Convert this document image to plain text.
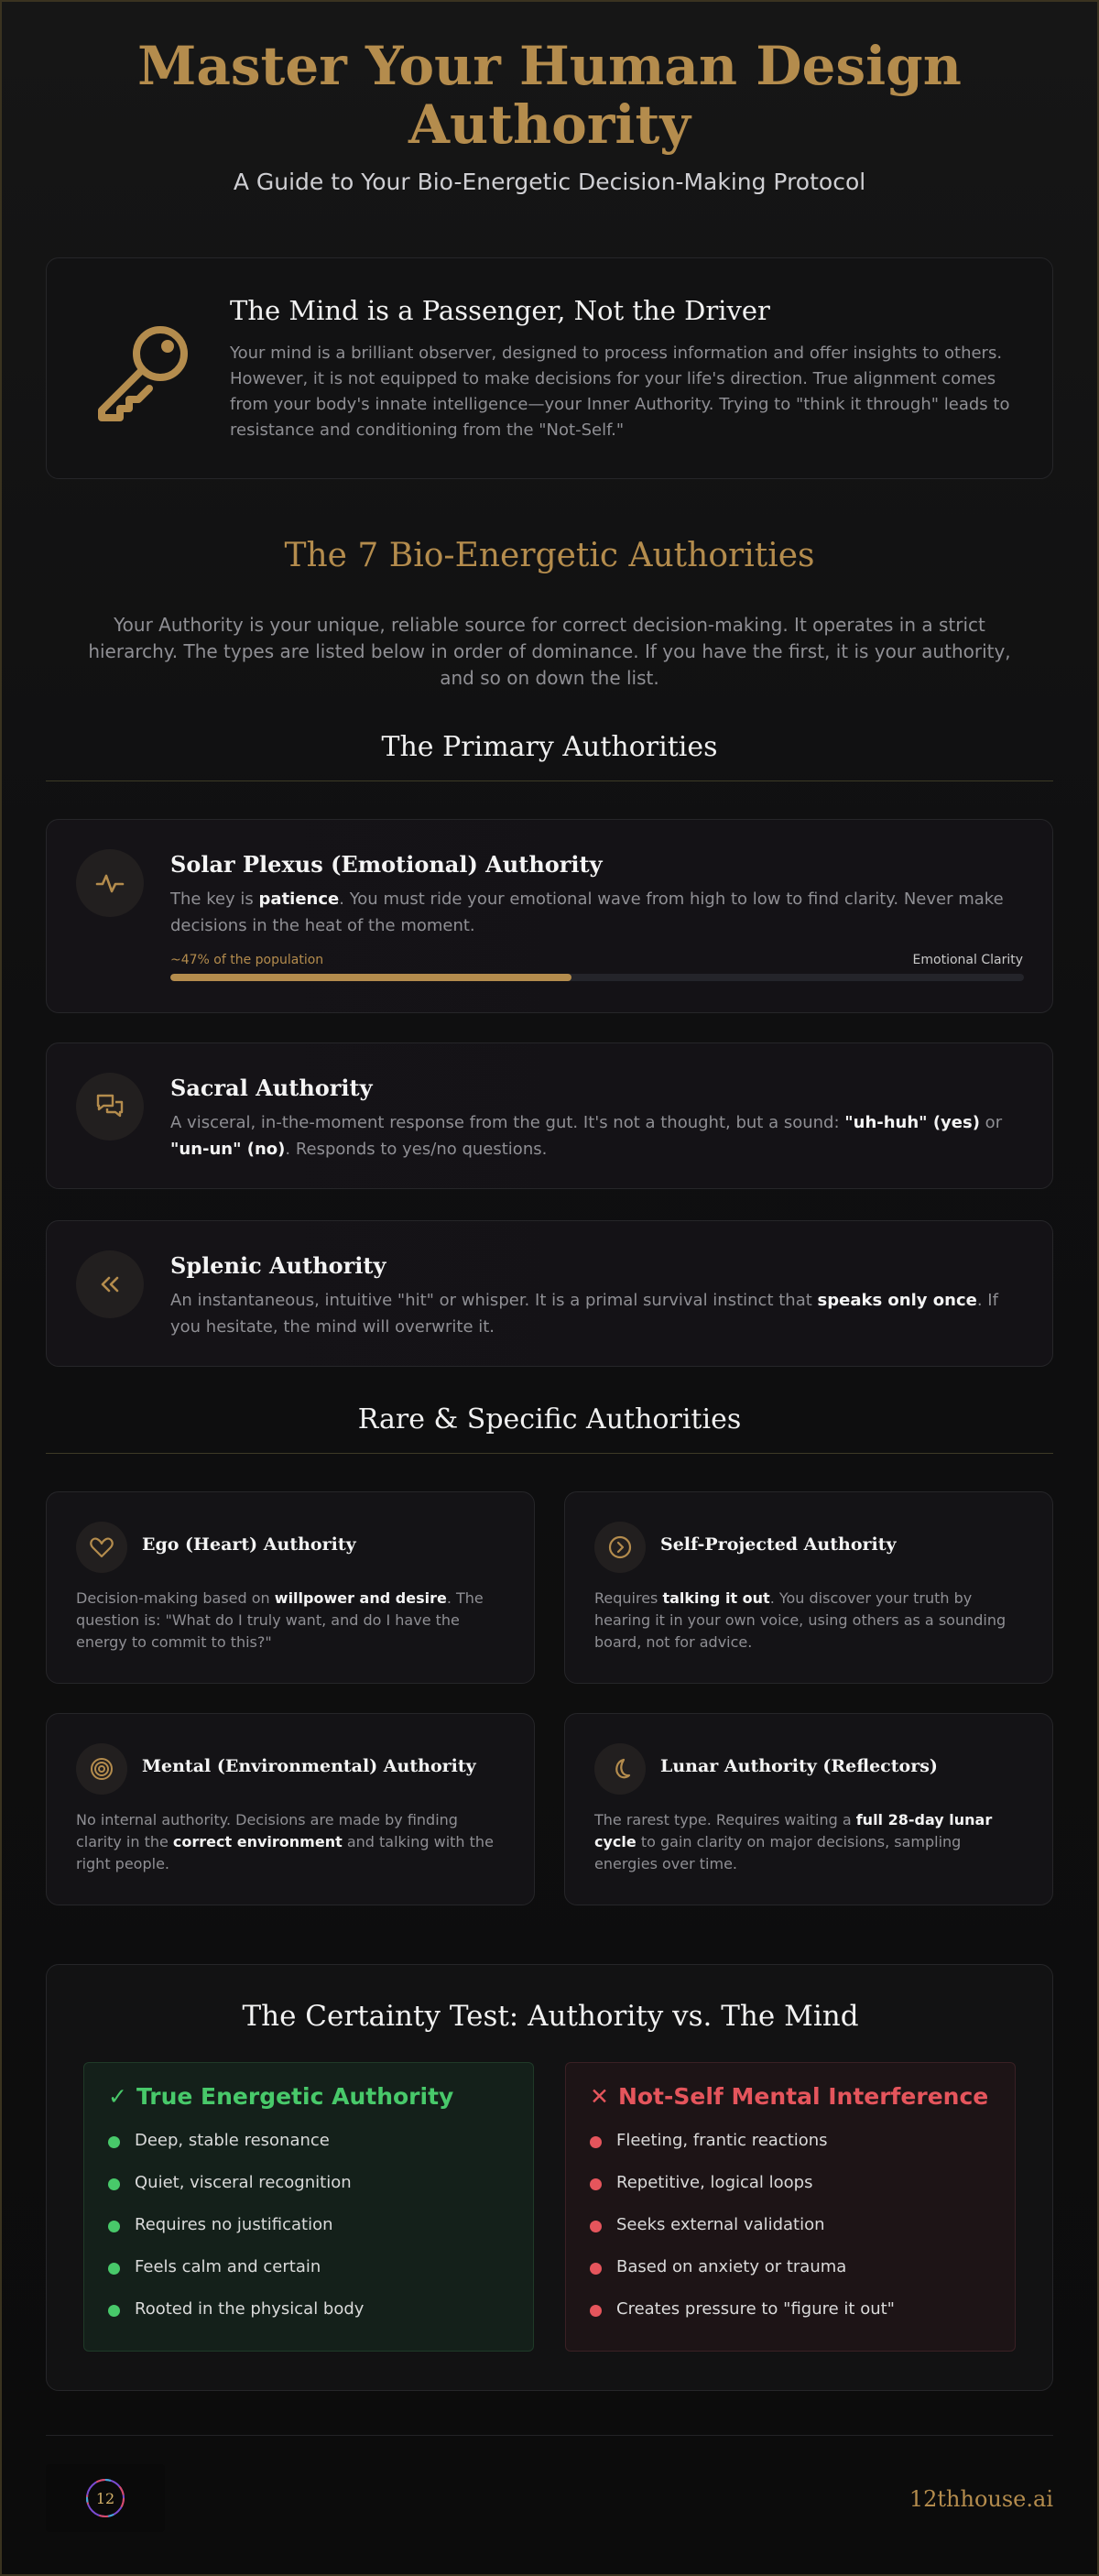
Master Your Human Design Authority
A Guide to Your Bio-Energetic Decision-Making Protocol
The Mind is a Passenger, Not the Driver
Your mind is a brilliant observer, designed to process information and offer insights to others. However, it is not equipped to make decisions for your life's direction. True alignment comes from your body's innate intelligence—your Inner Authority. Trying to "think it through" leads to resistance and conditioning from the "Not-Self."
The 7 Bio-Energetic Authorities
Your Authority is your unique, reliable source for correct decision-making. It operates in a strict hierarchy. The types are listed below in order of dominance. If you have the first, it is your authority, and so on down the list.
The Primary Authorities
Solar Plexus (Emotional) Authority
The key is patience. You must ride your emotional wave from high to low to find clarity. Never make decisions in the heat of the moment.
~47% of the population	Emotional Clarity
Sacral Authority
A visceral, in-the-moment response from the gut. It's not a thought, but a sound: "uh-huh" (yes) or "un-un" (no). Responds to yes/no questions.
Splenic Authority
An instantaneous, intuitive "hit" or whisper. It is a primal survival instinct that speaks only once. If you hesitate, the mind will overwrite it.
Rare & Specific Authorities
Ego (Heart) Authority
Decision-making based on willpower and desire. The question is: "What do I truly want, and do I have the energy to commit to this?"
Self-Projected Authority
Requires talking it out. You discover your truth by hearing it in your own voice, using others as a sounding board, not for advice.
Mental (Environmental) Authority
No internal authority. Decisions are made by finding clarity in the correct environment and talking with the right people.
Lunar Authority (Reflectors)
The rarest type. Requires waiting a full 28-day lunar cycle to gain clarity on major decisions, sampling energies over time.
The Certainty Test: Authority vs. The Mind
✓ True Energetic Authority
Deep, stable resonance
Quiet, visceral recognition
Requires no justification
Feels calm and certain
Rooted in the physical body
✕ Not-Self Mental Interference
Fleeting, frantic reactions
Repetitive, logical loops
Seeks external validation
Based on anxiety or trauma
Creates pressure to "figure it out"
12	12thhouse.ai
